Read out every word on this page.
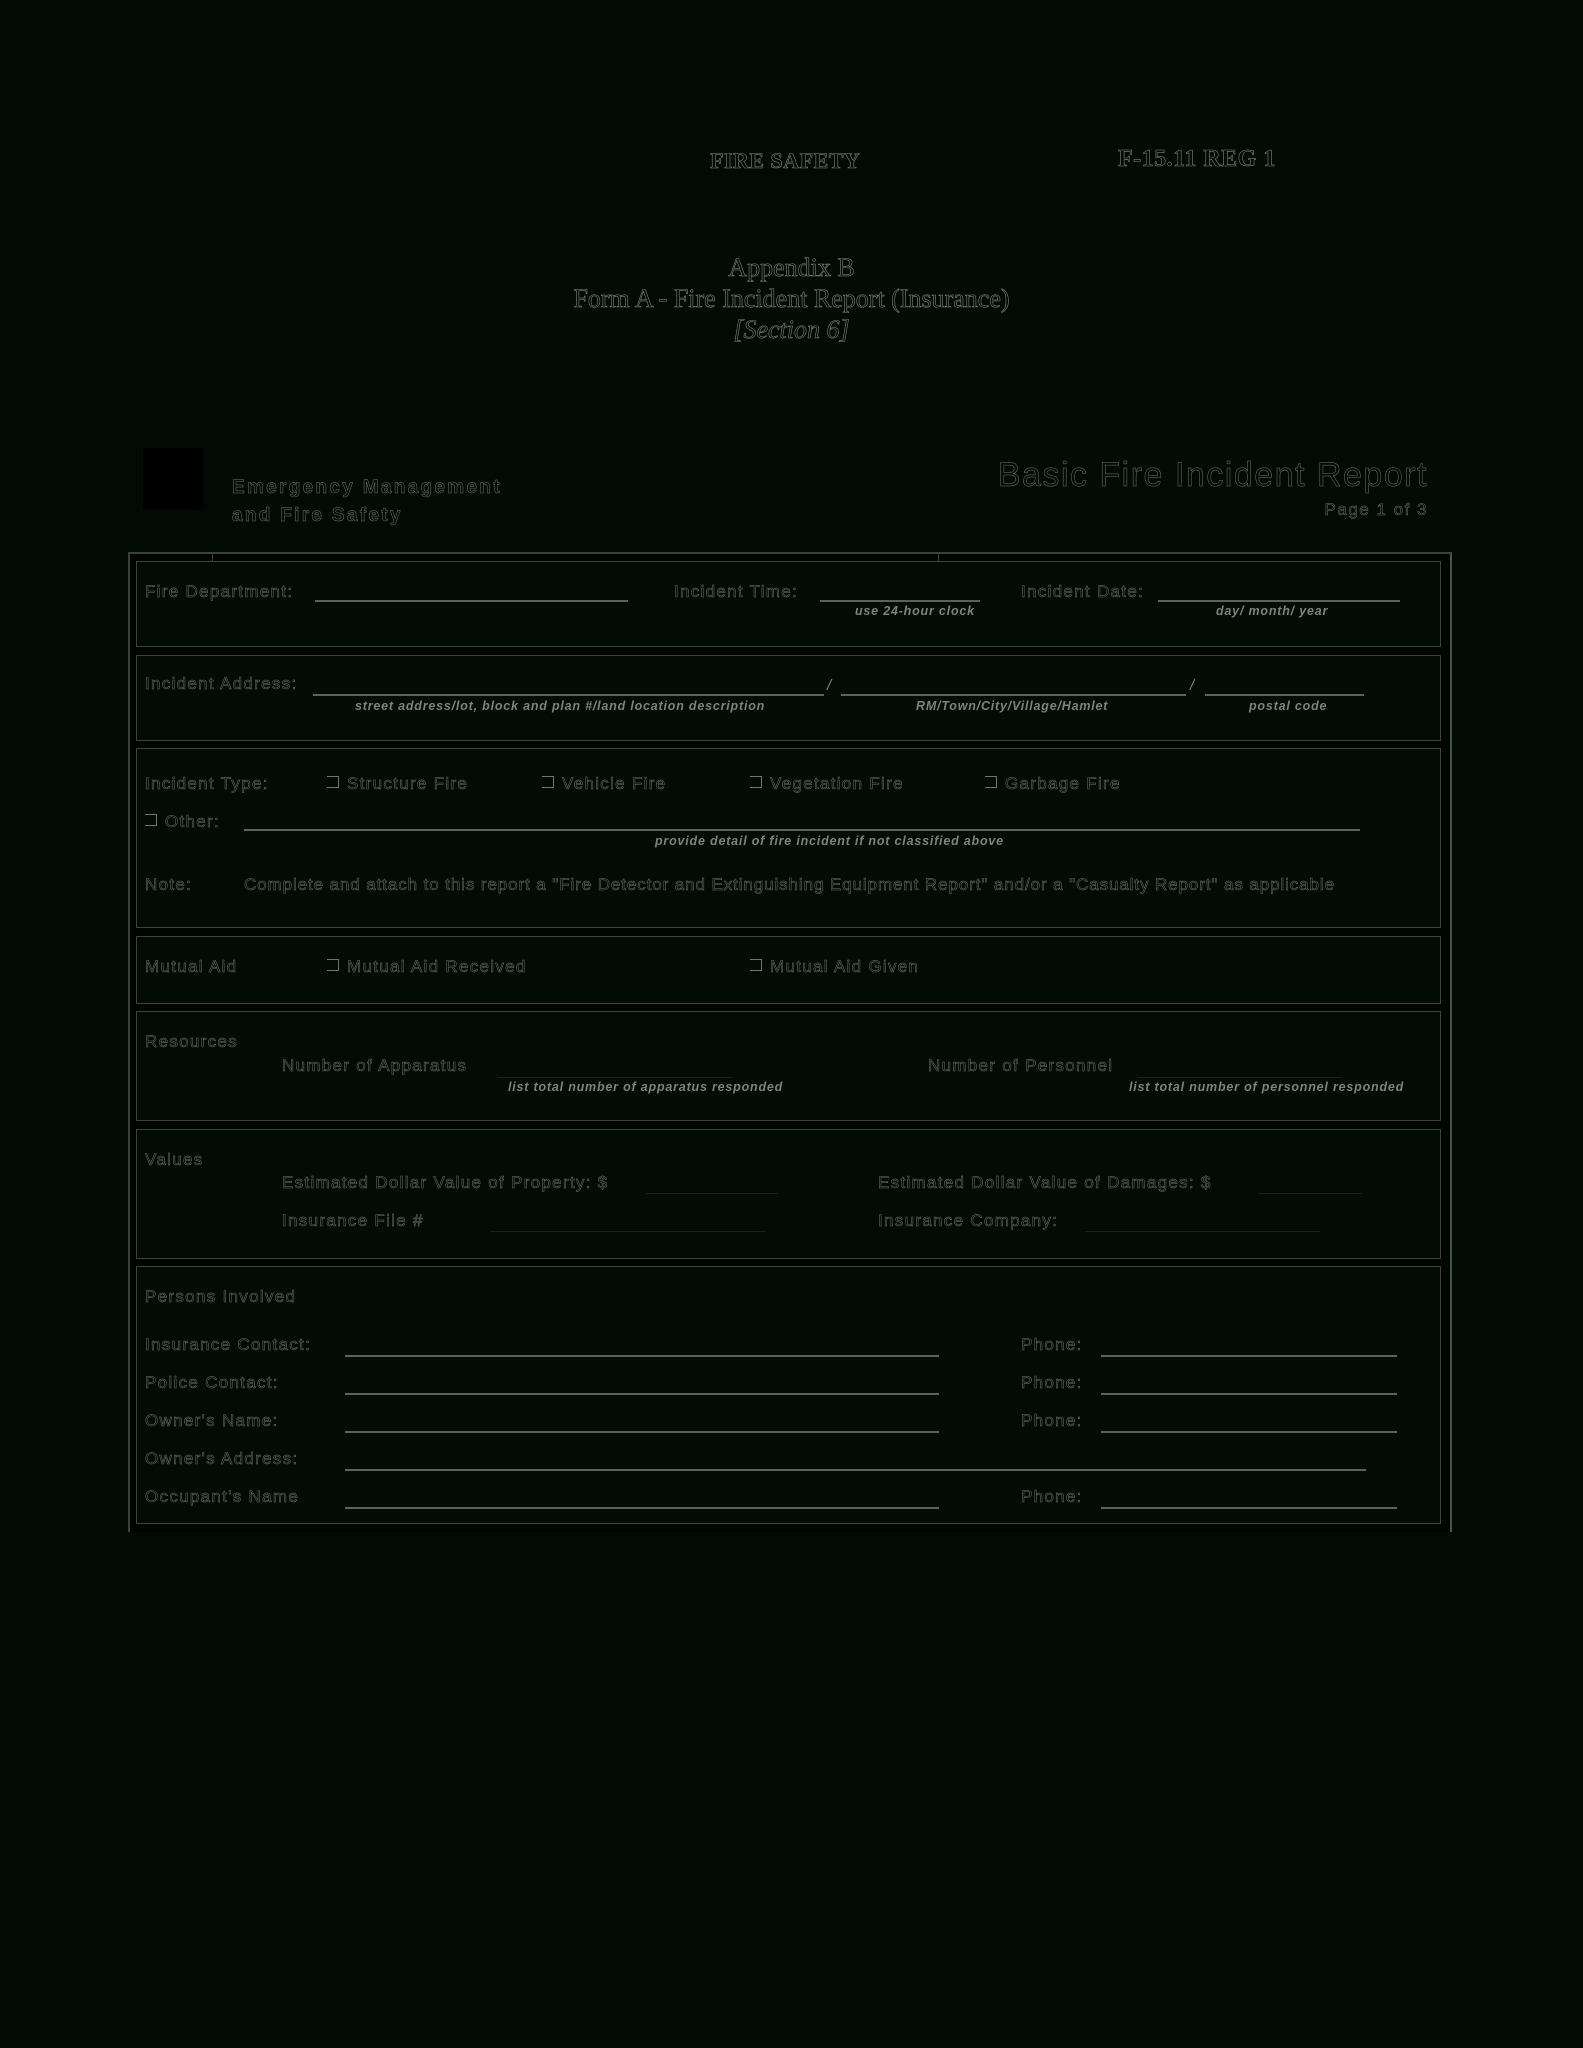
FIRE SAFETY	F-15.11 REG 1
Appendix B
Form A - Fire Incident Report (Insurance)
[Section 6]
Emergency Management
and Fire Safety
Basic Fire Incident Report
Page 1 of 3
Fire Department:	Incident Time:
use 24-hour clock
Incident Date:
day/ month/ year
Incident Address:
street address/lot, block and plan #/land location description
/
RM/Town/City/Village/Hamlet
/
postal code
Incident Type:	Structure Fire	Vehicle Fire	Vegetation Fire	Garbage Fire
Other:
provide detail of fire incident if not classified above
Note:	Complete and attach to this report a "Fire Detector and Extinguishing Equipment Report" and/or a "Casualty Report" as applicable
Mutual Aid	Mutual Aid Received	Mutual Aid Given
Resources
Number of Apparatus
list total number of apparatus responded
Number of Personnel
list total number of personnel responded
Values
Estimated Dollar Value of Property: $	Estimated Dollar Value of Damages: $
Insurance File #	Insurance Company:
Persons Involved
Insurance Contact:	Phone:
Police Contact:	Phone:
Owner's Name:	Phone:
Owner's Address:
Occupant's Name	Phone:
